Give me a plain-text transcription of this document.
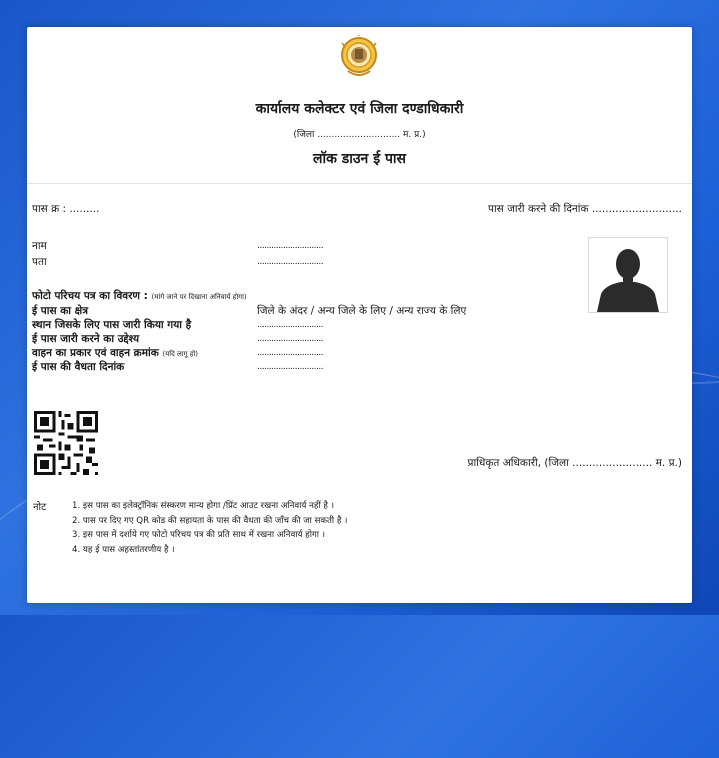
कार्यालय कलेक्टर एवं जिला दण्डाधिकारी
(जिला ............................. म. प्र.)
लॉक डाउन ई पास
पास क्र : .........	पास जारी करने की दिनांक ...........................
नाम	............................
पता	............................
फोटो परिचय पत्र का विवरण : (मांगे जाने पर दिखाना अनिवार्य होगा)
ई पास का क्षेत्र	जिले के अंदर / अन्य जिले के लिए / अन्य राज्य के लिए
स्थान जिसके लिए पास जारी किया गया है	............................
ई पास जारी करने का उद्देश्य	............................
वाहन का प्रकार एवं वाहन क्रमांक (यदि लागू हो)	............................
ई पास की वैधता दिनांक	............................
प्राधिकृत अधिकारी, (जिला ........................ म. प्र.)
नोट	1. इस पास का इलेक्ट्रॉनिक संस्करण मान्य होगा /प्रिंट आउट रखना अनिवार्य नहीं है ।
2. पास पर दिए गए QR कोड की सहायता के पास की वैधता की जाँच की जा सकती है ।
3. इस पास में दर्शाये गए फोटो परिचय पत्र की प्रति साथ में रखना अनिवार्य होगा ।
4. यह ई पास अहस्तांतरणीय है ।
